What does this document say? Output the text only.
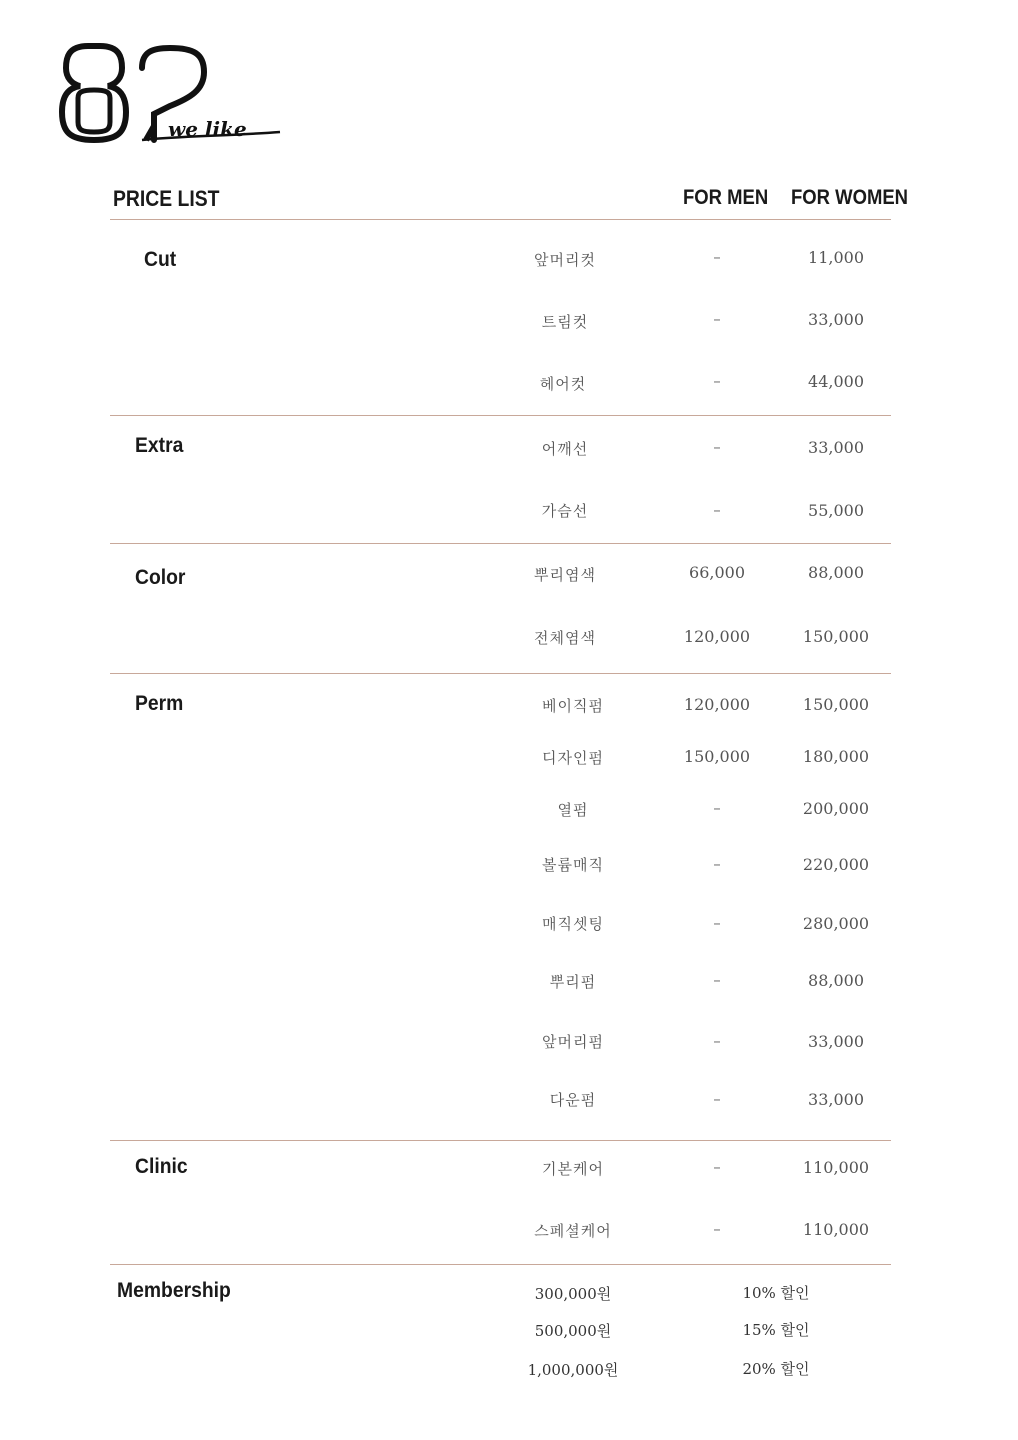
we like
PRICE LIST	FOR MEN FOR WOMEN
Cut	앞머리컷	–	11,000
트림컷	–	33,000
헤어컷	–	44,000
Extra	어깨선	–	33,000
가슴선	–	55,000
Color	뿌리염색	66,000	88,000
전체염색	120,000	150,000
Perm	베이직펌	120,000	150,000
디자인펌	150,000	180,000
열펌	–	200,000
볼륨매직	–	220,000
매직셋팅	–	280,000
뿌리펌	–	88,000
앞머리펌	–	33,000
다운펌	–	33,000
Clinic	기본케어	–	110,000
스페셜케어	–	110,000
Membership	300,000원	10% 할인
500,000원	15% 할인
1,000,000원	20% 할인
